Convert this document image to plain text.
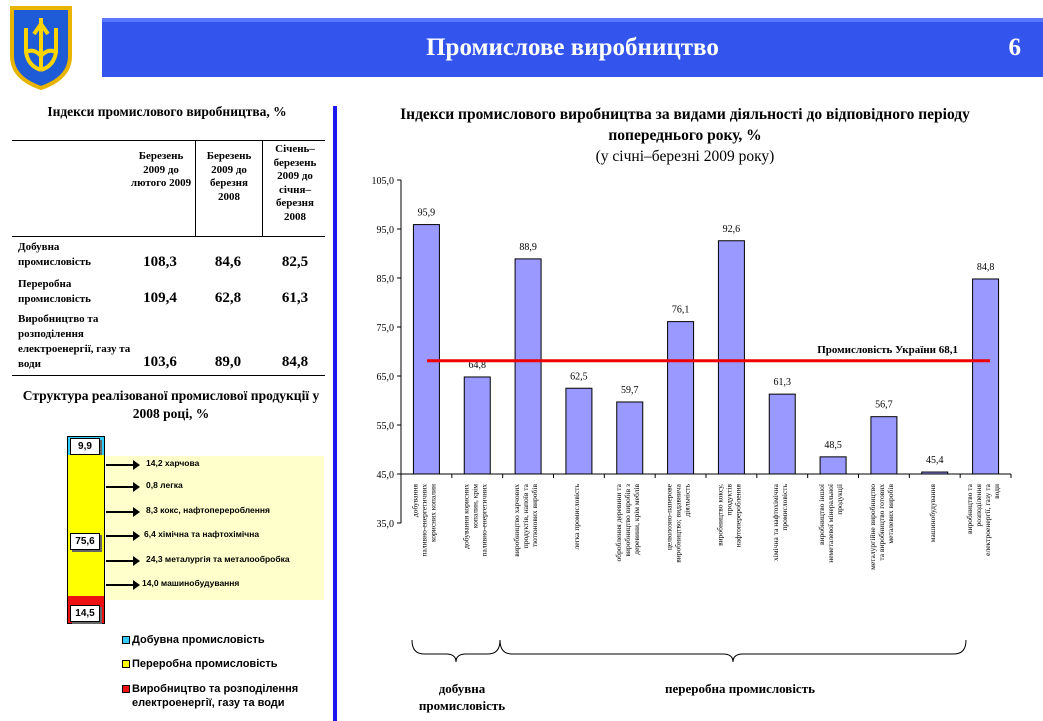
Промислове виробництво	6
Індекси промислового виробництва, %
Березень 2009 до лютого 2009
Березень 2009 до березня 2008
Січень–березень 2009 до січня–березня 2008
Добувна промисловість	108,3	84,6	82,5
Переробна промисловість	109,4	62,8	61,3
Виробництво та розподілення електроенергії, газу та води	103,6	89,0	84,8
Структура реалізованої промислової продукції у 2008 році, %
9,9
75,6
14,5
14,2 харчова
0,8 легка
8,3 кокс, нафтоперероблення
6,4 хімічна та нафтохімічна
24,3 металургія та металообробка
14,0 машинобудування
Добувна промисловість
Переробна промисловість
Виробництво та розподілення електроенергії, газу та води
Індекси промислового виробництва за видами діяльності до відповідного періоду попереднього року, %
(у січні–березні 2009 року)
35,0
45,0
55,0
65,0
75,0
85,0
95,0
105,0
95,9
добуванняпаливно-енергетичнихкорисних копалин
64,8
добування кориснихкопалин, крімпаливно-енергетичних
88,9
виробництво харчовихпродуктів, напоїв татютюнових виробів
62,5
легка промисловість
59,7
оброблення деревини тавиробництво виробів здеревини, крім меблів
76,1
целюлозно-паперовевиробництво; видавничадіяльність
92,6
виробництво коксу,продуктівнафтоперероблення
61,3
хімічна та нафтохімічнапромисловість
48,5
виробництво іншоїнеметалевої мінеральноїпродукції
56,7
металургійне виробництвота виробництво готовихметалевих виробів
45,4
машинобудування
84,8
виробництво тарозподіленняелектроенергії, газу таводи
Промисловість України 68,1
добувна промисловість
переробна промисловість
